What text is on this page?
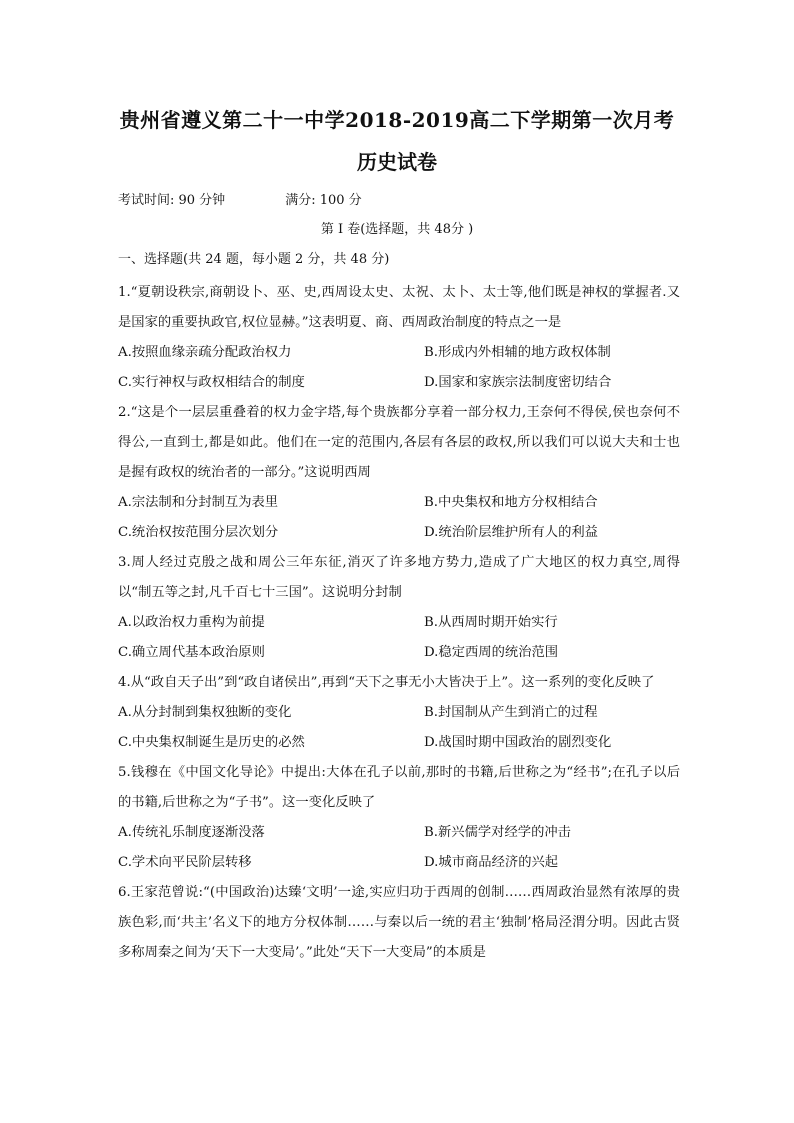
贵州省遵义第二十一中学2018-2019高二下学期第一次月考
历史试卷
考试时间: 90 分钟	满分: 100 分
第 I 卷(选择题，共 48分 )
一、选择题(共 24 题，每小题 2 分，共 48 分)
1.“夏朝设秩宗,商朝设卜、巫、史,西周设太史、太祝、太卜、太士等,他们既是神权的掌握者.又是国家的重要执政官,权位显赫。”这表明夏、商、西周政治制度的特点之一是
A.按照血缘亲疏分配政治权力	B.形成内外相辅的地方政权体制
C.实行神权与政权相结合的制度	D.国家和家族宗法制度密切结合
2.“这是个一层层重叠着的权力金字塔,每个贵族都分享着一部分权力,王奈何不得侯,侯也奈何不得公,一直到士,都是如此。他们在一定的范围内,各层有各层的政权,所以我们可以说大夫和士也是握有政权的统治者的一部分。”这说明西周
A.宗法制和分封制互为表里	B.中央集权和地方分权相结合
C.统治权按范围分层次划分	D.统治阶层维护所有人的利益
3.周人经过克殷之战和周公三年东征,消灭了许多地方势力,造成了广大地区的权力真空,周得以“制五等之封,凡千百七十三国”。这说明分封制
A.以政治权力重构为前提	B.从西周时期开始实行
C.确立周代基本政治原则	D.稳定西周的统治范围
4.从“政自天子出”到“政自诸侯出”,再到“天下之事无小大皆决于上”。这一系列的变化反映了
A.从分封制到集权独断的变化	B.封国制从产生到消亡的过程
C.中央集权制诞生是历史的必然	D.战国时期中国政治的剧烈变化
5.钱穆在《中国文化导论》中提出:大体在孔子以前,那时的书籍,后世称之为“经书”;在孔子以后的书籍,后世称之为“子书”。这一变化反映了
A.传统礼乐制度逐渐没落	B.新兴儒学对经学的冲击
C.学术向平民阶层转移	D.城市商品经济的兴起
6.王家范曾说:“(中国政治)达臻‘文明’一途,实应归功于西周的创制……西周政治显然有浓厚的贵族色彩,而‘共主’名义下的地方分权体制……与秦以后一统的君主‘独制’格局泾渭分明。因此古贤多称周秦之间为‘天下一大变局’。”此处“天下一大变局”的本质是
